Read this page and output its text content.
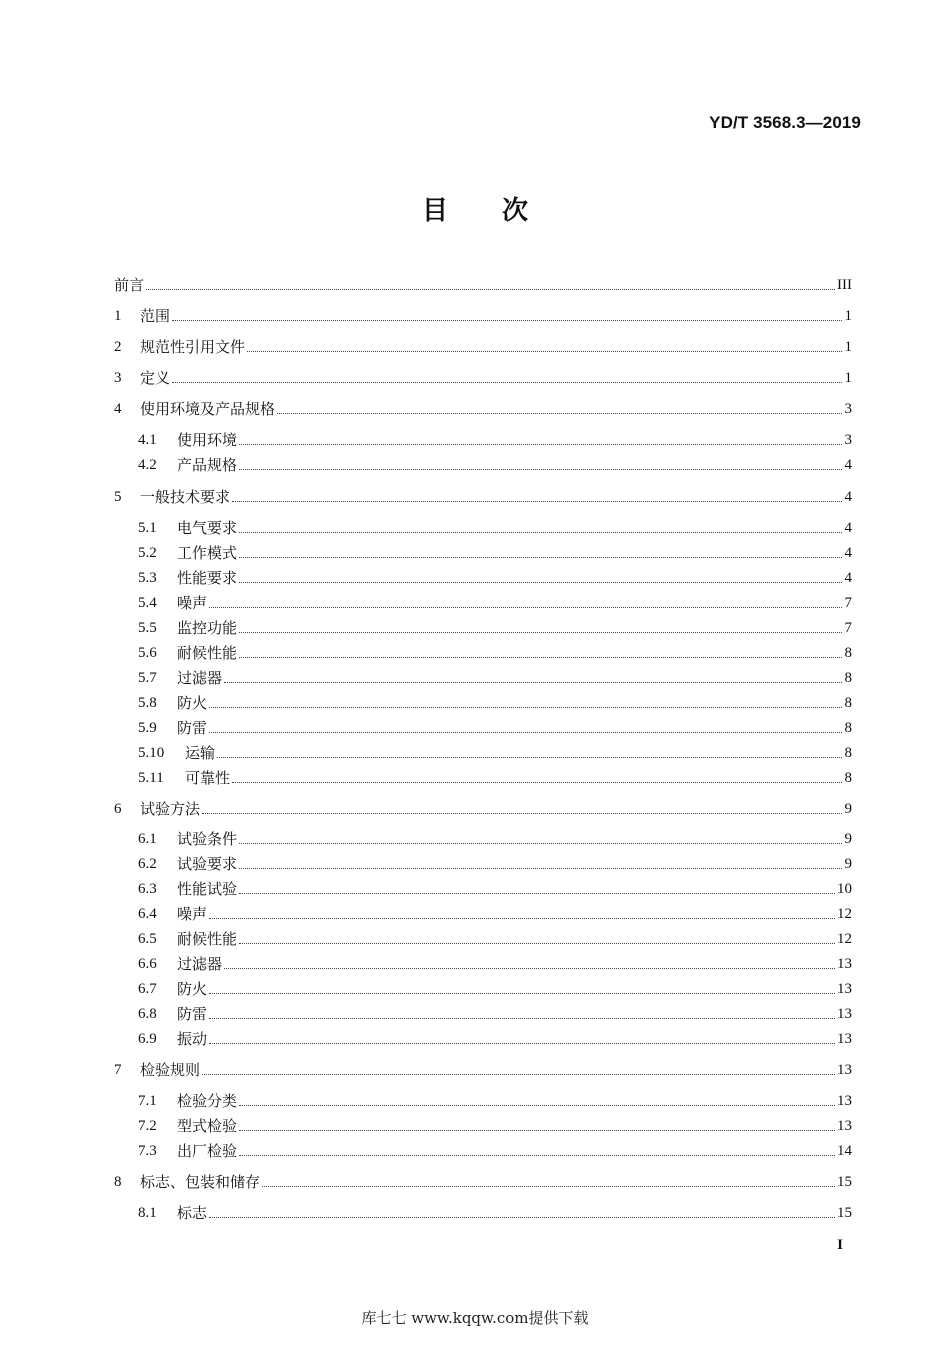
YD/T 3568.3—2019
目次
前言	III
1	范围	1
2	规范性引用文件	1
3	定义	1
4	使用环境及产品规格	3
4.1	使用环境	3
4.2	产品规格	4
5	一般技术要求	4
5.1	电气要求	4
5.2	工作模式	4
5.3	性能要求	4
5.4	噪声	7
5.5	监控功能	7
5.6	耐候性能	8
5.7	过滤器	8
5.8	防火	8
5.9	防雷	8
5.10	运输	8
5.11	可靠性	8
6	试验方法	9
6.1	试验条件	9
6.2	试验要求	9
6.3	性能试验	10
6.4	噪声	12
6.5	耐候性能	12
6.6	过滤器	13
6.7	防火	13
6.8	防雷	13
6.9	振动	13
7	检验规则	13
7.1	检验分类	13
7.2	型式检验	13
7.3	出厂检验	14
8	标志、包装和储存	15
8.1	标志	15
I
库七七 www.kqqw.com提供下载
